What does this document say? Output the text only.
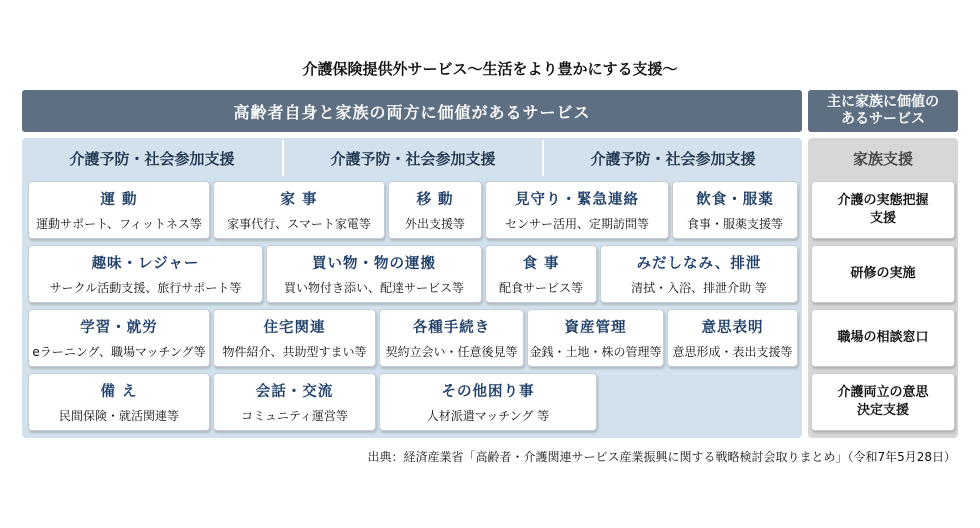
介護保険提供外サービス〜生活をより豊かにする支援〜
高齢者自身と家族の両方に価値があるサービス
主に家族に価値のあるサービス
介護予防・社会参加支援	介護予防・社会参加支援	介護予防・社会参加支援	家族支援
運 動
運動サポート、フィットネス等
家 事
家事代行、スマート家電等
移 動
外出支援等
見守り・緊急連絡
センサー活用、定期訪問等
飲食・服薬
食事・服薬支援等
趣味・レジャー
サークル活動支援、旅行サポート等
買い物・物の運搬
買い物付き添い、配達サービス等
食 事
配食サービス等
みだしなみ、排泄
清拭・入浴、排泄介助 等
学習・就労
eラーニング、職場マッチング等
住宅関連
物件紹介、共助型すまい等
各種手続き
契約立会い・任意後見等
資産管理
金銭・土地・株の管理等
意思表明
意思形成・表出支援等
備 え
民間保険・就活関連等
会話・交流
コミュニティ運営等
その他困り事
人材派遣マッチング 等
介護の実態把握支援
研修の実施
職場の相談窓口
介護両立の意思決定支援
出典：経済産業省「高齢者・介護関連サービス産業振興に関する戦略検討会取りまとめ」（令和7年5月28日）
